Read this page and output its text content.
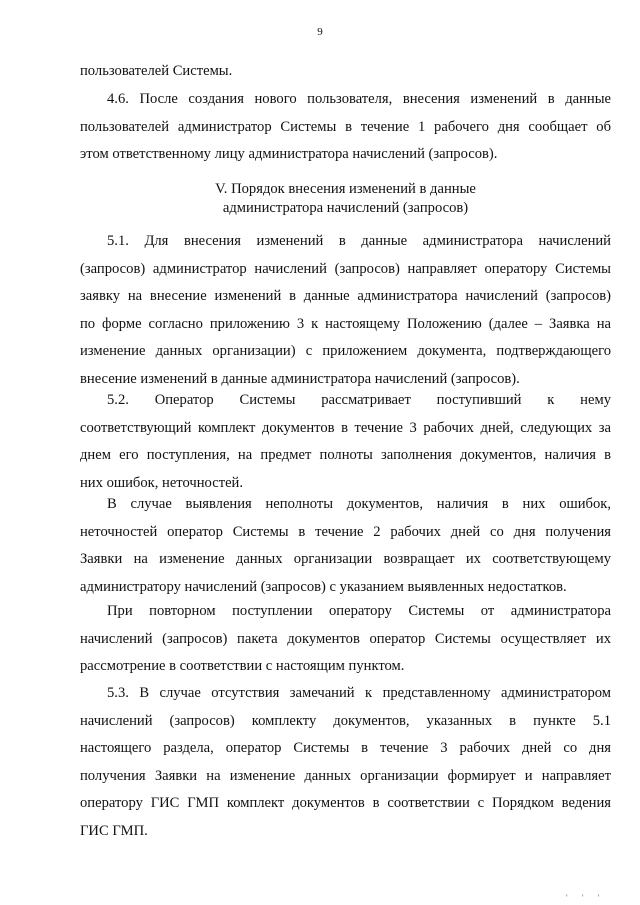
9

пользователей Системы.

4.6. После создания нового пользователя, внесения изменений в данные
пользователей администратор Системы в течение 1 рабочего дня сообщает об
этом ответственному лицу администратора начислений (запросов).

V. Порядок внесения изменений в данные
администратора начислений (запросов)

5.1. Для внесения изменений в данные администратора начислений
(запросов) администратор начислений (запросов) направляет оператору Системы
заявку на внесение изменений в данные администратора начислений (запросов)
по форме согласно приложению 3 к настоящему Положению (далее – Заявка на
изменение данных организации) с приложением документа, подтверждающего
внесение изменений в данные администратора начислений (запросов).

5.2. Оператор Системы рассматривает поступивший к нему
соответствующий комплект документов в течение 3 рабочих дней, следующих за
днем его поступления, на предмет полноты заполнения документов, наличия в
них ошибок, неточностей.

В случае выявления неполноты документов, наличия в них ошибок,
неточностей оператор Системы в течение 2 рабочих дней со дня получения
Заявки на изменение данных организации возвращает их соответствующему
администратору начислений (запросов) с указанием выявленных недостатков.

При повторном поступлении оператору Системы от администратора
начислений (запросов) пакета документов оператор Системы осуществляет их
рассмотрение в соответствии с настоящим пунктом.

5.3. В случае отсутствия замечаний к представленному администратором
начислений (запросов) комплекту документов, указанных в пункте 5.1
настоящего раздела, оператор Системы в течение 3 рабочих дней со дня
получения Заявки на изменение данных организации формирует и направляет
оператору ГИС ГМП комплект документов в соответствии с Порядком ведения
ГИС ГМП.

' ' '
